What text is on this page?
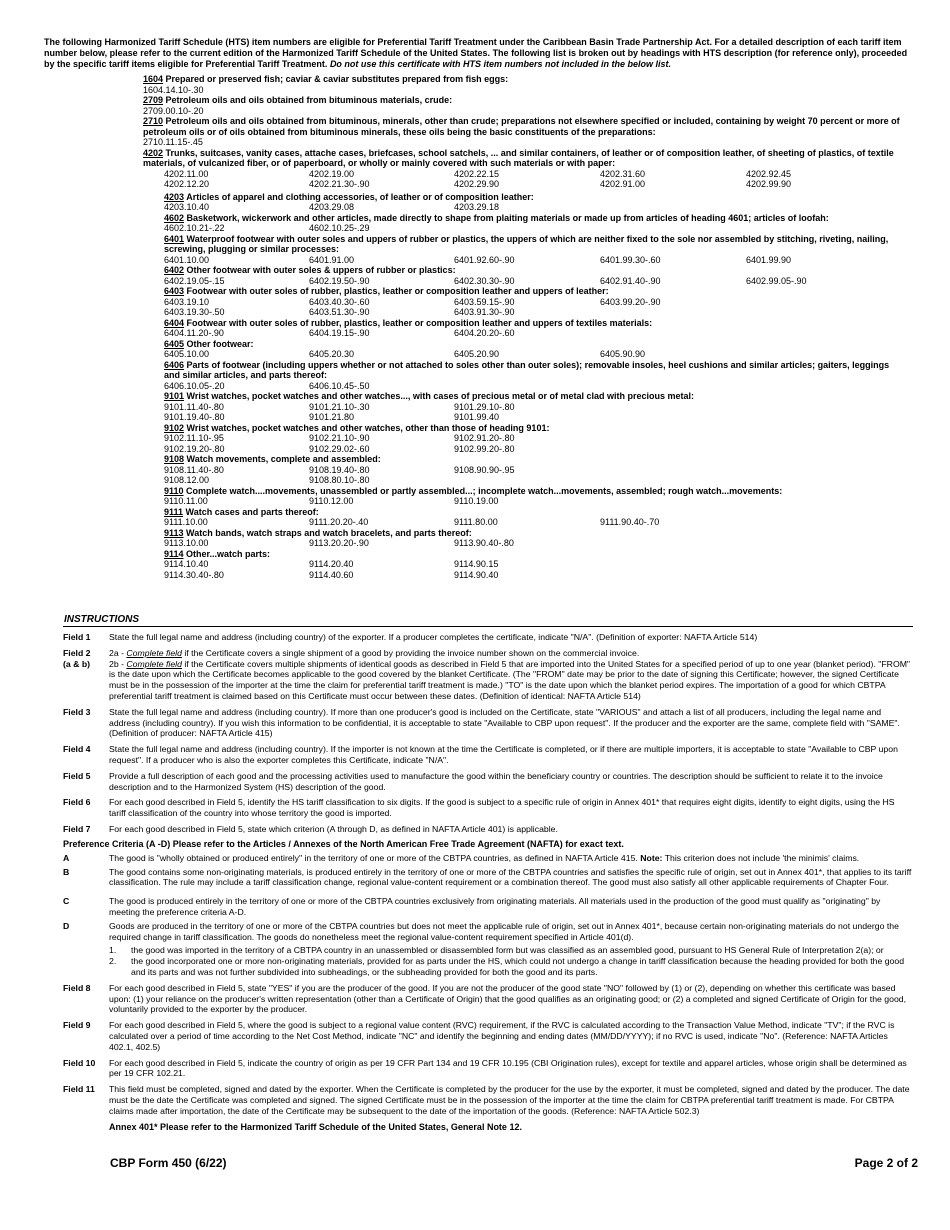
The following Harmonized Tariff Schedule (HTS) item numbers are eligible for Preferential Tariff Treatment under the Caribbean Basin Trade Partnership Act. For a detailed description of each tariff item number below, please refer to the current edition of the Harmonized Tariff Schedule of the United States. The following list is broken out by headings with HTS description (for reference only), proceeded by the specific tariff items eligible for Preferential Tariff Treatment. Do not use this certificate with HTS item numbers not included in the below list.
1604 Prepared or preserved fish; caviar & caviar substitutes prepared from fish eggs:
1604.14.10-.30
2709 Petroleum oils and oils obtained from bituminous materials, crude:
2709.00.10-.20
2710 Petroleum oils and oils obtained from bituminous, minerals, other than crude; preparations not elsewhere specified or included, containing by weight 70 percent or more of petroleum oils or of oils obtained from bituminous minerals, these oils being the basic constituents of the preparations:
2710.11.15-.45
4202 Trunks, suitcases, vanity cases, attache cases, briefcases, school satchels, ... and similar containers, of leather or of composition leather, of sheeting of plastics, of textile materials, of vulcanized fiber, or of paperboard, or wholly or mainly covered with such materials or with paper:
4202.11.00	4202.19.00	4202.22.15	4202.31.60	4202.92.45
4202.12.20	4202.21.30-.90	4202.29.90	4202.91.00	4202.99.90
4203 Articles of apparel and clothing accessories, of leather or of composition leather:
4203.10.40	4203.29.08	4203.29.18
4602 Basketwork, wickerwork and other articles, made directly to shape from plaiting materials or made up from articles of heading 4601; articles of loofah:
4602.10.21-.22	4602.10.25-.29
6401 Waterproof footwear with outer soles and uppers of rubber or plastics, the uppers of which are neither fixed to the sole nor assembled by stitching, riveting, nailing, screwing, plugging or similar processes:
6401.10.00	6401.91.00	6401.92.60-.90	6401.99.30-.60	6401.99.90
6402 Other footwear with outer soles & uppers of rubber or plastics:
6402.19.05-.15	6402.19.50-.90	6402.30.30-.90	6402.91.40-.90	6402.99.05-.90
6403 Footwear with outer soles of rubber, plastics, leather or composition leather and uppers of leather:
6403.19.10	6403.40.30-.60	6403.59.15-.90	6403.99.20-.90
6403.19.30-.50	6403.51.30-.90	6403.91.30-.90
6404 Footwear with outer soles of rubber, plastics, leather or composition leather and uppers of textiles materials:
6404.11.20-.90	6404.19.15-.90	6404.20.20-.60
6405 Other footwear:
6405.10.00	6405.20.30	6405.20.90	6405.90.90
6406 Parts of footwear (including uppers whether or not attached to soles other than outer soles); removable insoles, heel cushions and similar articles; gaiters, leggings and similar articles, and parts thereof:
6406.10.05-.20	6406.10.45-.50
9101 Wrist watches, pocket watches and other watches..., with cases of precious metal or of metal clad with precious metal:
9101.11.40-.80	9101.21.10-.30	9101.29.10-.80
9101.19.40-.80	9101.21.80	9101.99.40
9102 Wrist watches, pocket watches and other watches, other than those of heading 9101:
9102.11.10-.95	9102.21.10-.90	9102.91.20-.80
9102.19.20-.80	9102.29.02-.60	9102.99.20-.80
9108 Watch movements, complete and assembled:
9108.11.40-.80	9108.19.40-.80	9108.90.90-.95
9108.12.00	9108.80.10-.80
9110 Complete watch....movements, unassembled or partly assembled...; incomplete watch...movements, assembled; rough watch...movements:
9110.11.00	9110.12.00	9110.19.00
9111 Watch cases and parts thereof:
9111.10.00	9111.20.20-.40	9111.80.00	9111.90.40-.70
9113 Watch bands, watch straps and watch bracelets, and parts thereof:
9113.10.00	9113.20.20-.90	9113.90.40-.80
9114 Other...watch parts:
9114.10.40	9114.20.40	9114.90.15
9114.30.40-.80	9114.40.60	9114.90.40
INSTRUCTIONS
Field 1	State the full legal name and address (including country) of the exporter. If a producer completes the certificate, indicate "N/A". (Definition of exporter: NAFTA Article 514)
Field 2
(a & b)
2a - Complete field if the Certificate covers a single shipment of a good by providing the invoice number shown on the commercial invoice.
2b - Complete field if the Certificate covers multiple shipments of identical goods as described in Field 5 that are imported into the United States for a specified period of up to one year (blanket period). "FROM" is the date upon which the Certificate becomes applicable to the good covered by the blanket Certificate. (The "FROM" date may be prior to the date of signing this Certificate; however, the signed Certificate must be in the possession of the importer at the time the claim for preferential tariff treatment is made.) "TO" is the date upon which the blanket period expires. The importation of a good for which CBTPA preferential tariff treatment is claimed based on this Certificate must occur between these dates. (Definition of identical: NAFTA Article 514)
Field 3	State the full legal name and address (including country). If more than one producer's good is included on the Certificate, state "VARIOUS" and attach a list of all producers, including the legal name and address (including country). If you wish this information to be confidential, it is acceptable to state "Available to CBP upon request". If the producer and the exporter are the same, complete field with "SAME". (Definition of producer: NAFTA Article 415)
Field 4	State the full legal name and address (including country). If the importer is not known at the time the Certificate is completed, or if there are multiple importers, it is acceptable to state "Available to CBP upon request". If a producer who is also the exporter completes this Certificate, indicate "N/A".
Field 5	Provide a full description of each good and the processing activities used to manufacture the good within the beneficiary country or countries. The description should be sufficient to relate it to the invoice description and to the Harmonized System (HS) description of the good.
Field 6	For each good described in Field 5, identify the HS tariff classification to six digits. If the good is subject to a specific rule of origin in Annex 401* that requires eight digits, identify to eight digits, using the HS tariff classification of the country into whose territory the good is imported.
Field 7	For each good described in Field 5, state which criterion (A through D, as defined in NAFTA Article 401) is applicable.
Preference Criteria (A -D) Please refer to the Articles / Annexes of the North American Free Trade Agreement (NAFTA) for exact text.
A	The good is "wholly obtained or produced entirely" in the territory of one or more of the CBTPA countries, as defined in NAFTA Article 415. Note: This criterion does not include 'the minimis' claims.
B	The good contains some non-originating materials, is produced entirely in the territory of one or more of the CBTPA countries and satisfies the specific rule of origin, set out in Annex 401*, that applies to its tariff classification. The rule may include a tariff classification change, regional value-content requirement or a combination thereof. The good must also satisfy all other applicable requirements of Chapter Four.
C	The good is produced entirely in the territory of one or more of the CBTPA countries exclusively from originating materials. All materials used in the production of the good must qualify as "originating" by meeting the preference criteria A-D.
D	Goods are produced in the territory of one or more of the CBTPA countries but does not meet the applicable rule of origin, set out in Annex 401*, because certain non-originating materials do not undergo the required change in tariff classification. The goods do nonetheless meet the regional value-content requirement specified in Article 401(d).
1. the good was imported in the territory of a CBTPA country in an unassembled or disassembled form but was classified as an assembled good, pursuant to HS General Rule of Interpretation 2(a); or
2. the good incorporated one or more non-originating materials, provided for as parts under the HS, which could not undergo a change in tariff classification because the heading provided for both the good and its parts and was not further subdivided into subheadings, or the subheading provided for both the good and its parts.
Field 8	For each good described in Field 5, state "YES" if you are the producer of the good. If you are not the producer of the good state "NO" followed by (1) or (2), depending on whether this certificate was based upon: (1) your reliance on the producer's written representation (other than a Certificate of Origin) that the good qualifies as an originating good; or (2) a completed and signed Certificate of Origin for the good, voluntarily provided to the exporter by the producer.
Field 9	For each good described in Field 5, where the good is subject to a regional value content (RVC) requirement, if the RVC is calculated according to the Transaction Value Method, indicate "TV"; if the RVC is calculated over a period of time according to the Net Cost Method, indicate "NC" and identify the beginning and ending dates (MM/DD/YYYY); if no RVC is used, indicate "No". (Reference: NAFTA Articles 402.1, 402.5)
Field 10	For each good described in Field 5, indicate the country of origin as per 19 CFR Part 134 and 19 CFR 10.195 (CBI Origination rules), except for textile and apparel articles, whose origin shall be determined as per 19 CFR 102.21.
Field 11	This field must be completed, signed and dated by the exporter. When the Certificate is completed by the producer for the use by the exporter, it must be completed, signed and dated by the producer. The date must be the date the Certificate was completed and signed. The signed Certificate must be in the possession of the importer at the time the claim for CBTPA preferential tariff treatment is made. For CBTPA claims made after importation, the date of the Certificate may be subsequent to the date of the importation of the goods. (Reference: NAFTA Article 502.3)
Annex 401* Please refer to the Harmonized Tariff Schedule of the United States, General Note 12.
CBP Form 450 (6/22)	Page 2 of 2
